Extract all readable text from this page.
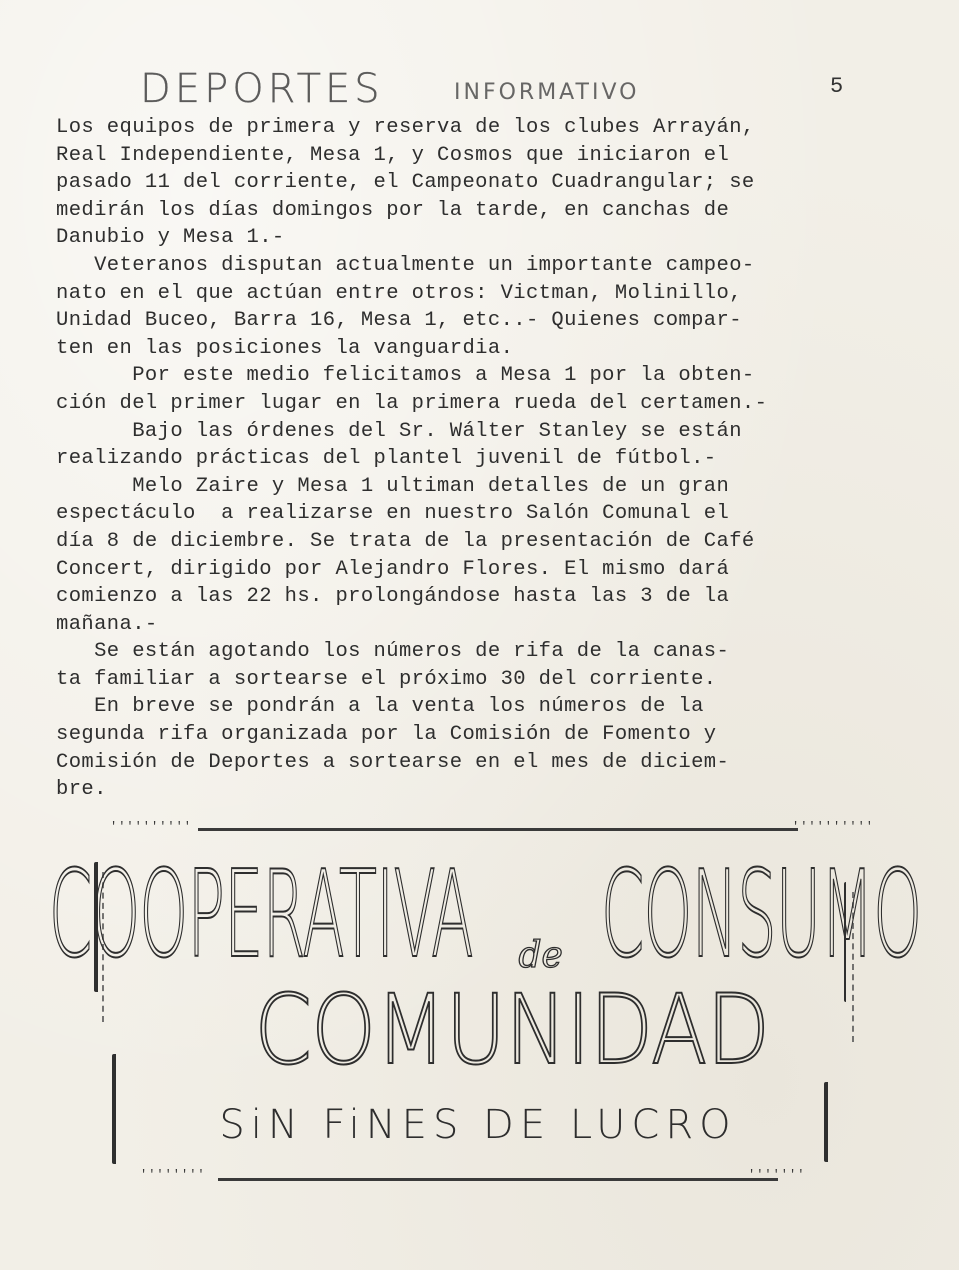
DEPORTES	INFORMATIVO	5
Los equipos de primera y reserva de los clubes Arrayán,
Real Independiente, Mesa 1, y Cosmos que iniciaron el
pasado 11 del corriente, el Campeonato Cuadrangular; se
medirán los días domingos por la tarde, en canchas de
Danubio y Mesa 1.-
Veteranos disputan actualmente un importante campeo-
nato en el que actúan entre otros: Victman, Molinillo,
Unidad Buceo, Barra 16, Mesa 1, etc..- Quienes compar-
ten en las posiciones la vanguardia.
Por este medio felicitamos a Mesa 1 por la obten-
ción del primer lugar en la primera rueda del certamen.-
Bajo las órdenes del Sr. Wálter Stanley se están
realizando prácticas del plantel juvenil de fútbol.-
Melo Zaire y Mesa 1 ultiman detalles de un gran
espectáculo  a realizarse en nuestro Salón Comunal el
día 8 de diciembre. Se trata de la presentación de Café
Concert, dirigido por Alejandro Flores. El mismo dará
comienzo a las 22 hs. prolongándose hasta las 3 de la
mañana.-
Se están agotando los números de rifa de la canas-
ta familiar a sortearse el próximo 30 del corriente.
En breve se pondrán a la venta los números de la
segunda rifa organizada por la Comisión de Fomento y
Comisión de Deportes a sortearse en el mes de diciem-
bre.
''''''''''	''''''''''
COOPERATIVA de CONSUMO
COMUNIDAD
SiN FiNES DE LUCRO
''''''''	'''''''
